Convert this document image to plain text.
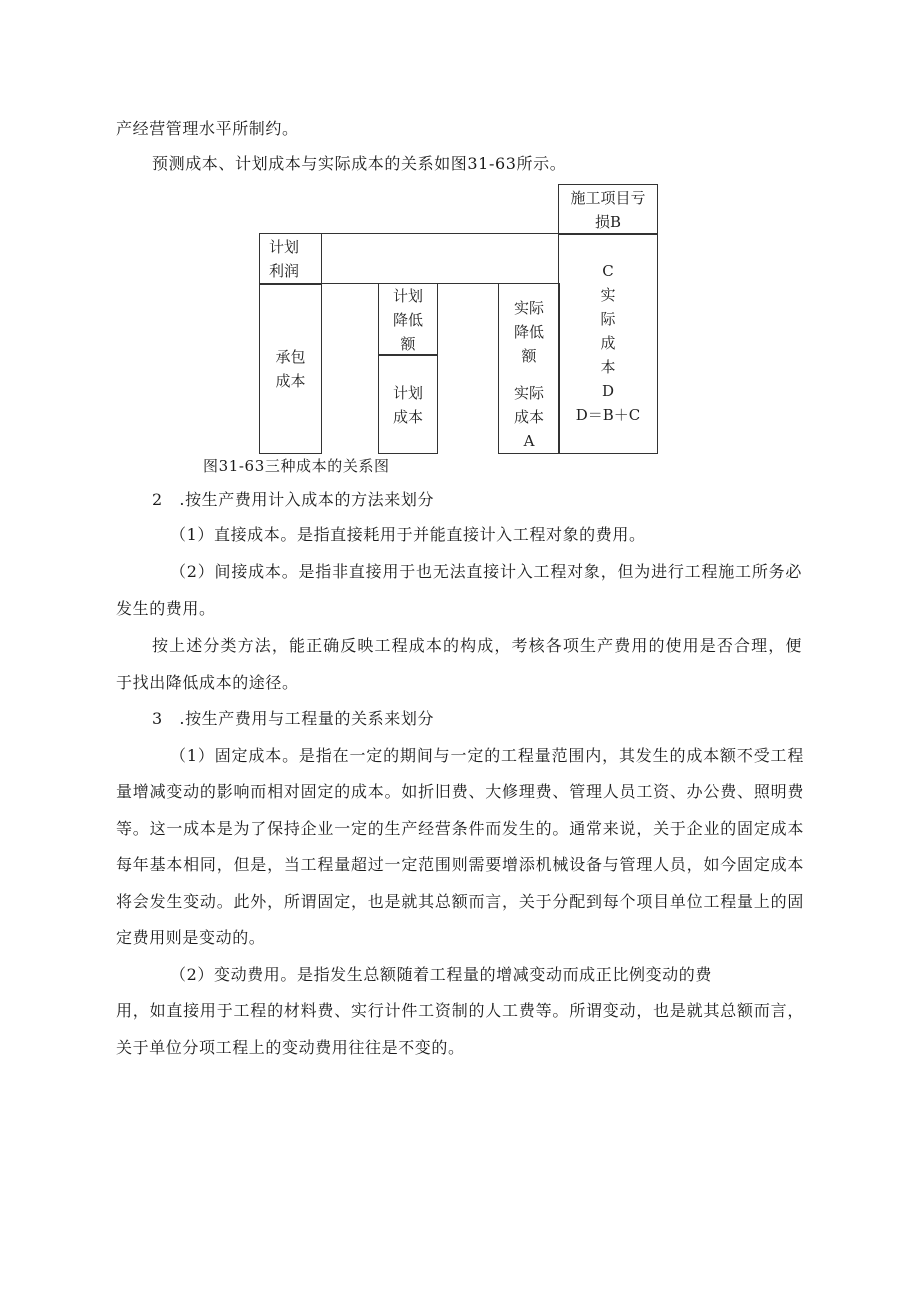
产经营管理水平所制约。
预测成本、计划成本与实际成本的关系如图31-63所示。
计划
利润
承包
成本
计划
降低
额
计划
成本
实际
降低
额
实际
成本
A
施工项目亏
损B
C
实
际
成
本
D
D＝B＋C
图31-63三种成本的关系图
2　.按生产费用计入成本的方法来划分
（1）直接成本。是指直接耗用于并能直接计入工程对象的费用。
（2）间接成本。是指非直接用于也无法直接计入工程对象，但为进行工程施工所务必
发生的费用。
按上述分类方法，能正确反映工程成本的构成，考核各项生产费用的使用是否合理，便
于找出降低成本的途径。
3　.按生产费用与工程量的关系来划分
（1）固定成本。是指在一定的期间与一定的工程量范围内，其发生的成本额不受工程
量增减变动的影响而相对固定的成本。如折旧费、大修理费、管理人员工资、办公费、照明费
等。这一成本是为了保持企业一定的生产经营条件而发生的。通常来说，关于企业的固定成本
每年基本相同，但是，当工程量超过一定范围则需要增添机械设备与管理人员，如今固定成本
将会发生变动。此外，所谓固定，也是就其总额而言，关于分配到每个项目单位工程量上的固
定费用则是变动的。
（2）变动费用。是指发生总额随着工程量的增减变动而成正比例变动的费
用，如直接用于工程的材料费、实行计件工资制的人工费等。所谓变动，也是就其总额而言，
关于单位分项工程上的变动费用往往是不变的。
